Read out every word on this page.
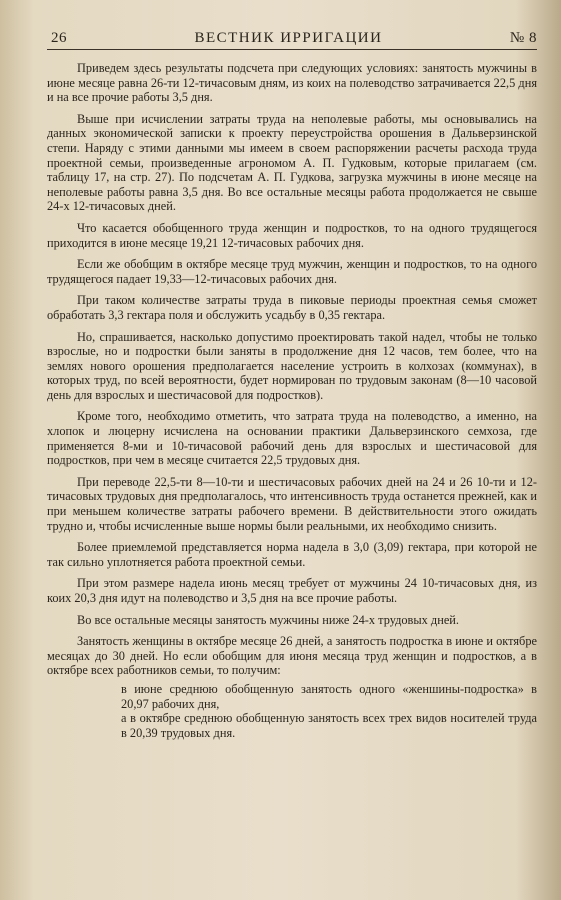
26	ВЕСТНИК ИРРИГАЦИИ	№ 8

Приведем здесь результаты подсчета при следующих условиях: занятость мужчины в июне месяце равна 26-ти 12-тичасовым дням, из коих на полеводство затрачивается 22,5 дня и на все прочие работы 3,5 дня.

Выше при исчислении затраты труда на неполевые работы, мы основывались на данных экономической записки к проекту переустройства орошения в Дальверзинской степи. Наряду с этими данными мы имеем в своем распоряжении расчеты расхода труда проектной семьи, произведенные агрономом А. П. Гудковым, которые прилагаем (см. таблицу 17, на стр. 27). По подсчетам А. П. Гудкова, загрузка мужчины в июне месяце на неполевые работы равна 3,5 дня. Во все остальные месяцы работа продолжается не свыше 24-х 12-тичасовых дней.

Что касается обобщенного труда женщин и подростков, то на одного трудящегося приходится в июне месяце 19,21 12-тичасовых рабочих дня.

Если же обобщим в октябре месяце труд мужчин, женщин и подростков, то на одного трудящегося падает 19,33—12-тичасовых рабочих дня.

При таком количестве затраты труда в пиковые периоды проектная семья сможет обработать 3,3 гектара поля и обслужить усадьбу в 0,35 гектара.

Но, спрашивается, насколько допустимо проектировать такой надел, чтобы не только взрослые, но и подростки были заняты в продолжение дня 12 часов, тем более, что на землях нового орошения предполагается население устроить в колхозах (коммунах), в которых труд, по всей вероятности, будет нормирован по трудовым законам (8—10 часовой день для взрослых и шестичасовой для подростков).

Кроме того, необходимо отметить, что затрата труда на полеводство, а именно, на хлопок и люцерну исчислена на основании практики Дальверзинского семхоза, где применяется 8-ми и 10-тичасовой рабочий день для взрослых и шестичасовой для подростков, при чем в месяце считается 22,5 трудовых дня.

При переводе 22,5-ти 8—10-ти и шестичасовых рабочих дней на 24 и 26 10-ти и 12-тичасовых трудовых дня предполагалось, что интенсивность труда останется прежней, как и при меньшем количестве затраты рабочего времени. В действительности этого ожидать трудно и, чтобы исчисленные выше нормы были реальными, их необходимо снизить.

Более приемлемой представляется норма надела в 3,0 (3,09) гектара, при которой не так сильно уплотняется работа проектной семьи.

При этом размере надела июнь месяц требует от мужчины 24 10-тичасовых дня, из коих 20,3 дня идут на полеводство и 3,5 дня на все прочие работы.

Во все остальные месяцы занятость мужчины ниже 24-х трудовых дней.

Занятость женщины в октябре месяце 26 дней, а занятость подростка в июне и октябре месяцах до 30 дней. Но если обобщим для июня месяца труд женщин и подростков, а в октябре всех работников семьи, то получим:

в июне среднюю обобщенную занятость одного «женшины-подростка» в 20,97 рабочих дня,

а в октябре среднюю обобщенную занятость всех трех видов носителей труда в 20,39 трудовых дня.
